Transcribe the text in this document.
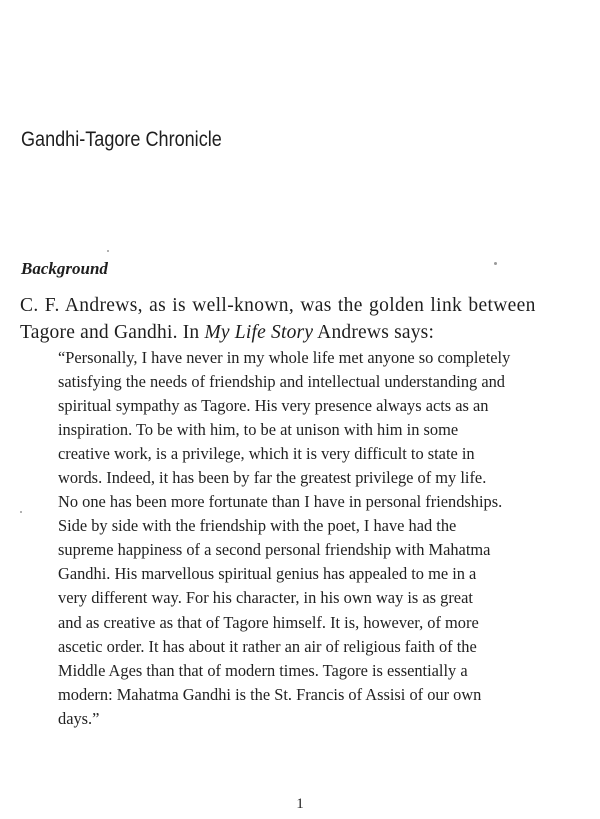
Gandhi-Tagore Chronicle
Background
C. F. Andrews, as is well-known, was the golden link between
Tagore and Gandhi. In My Life Story Andrews says:
“Personally, I have never in my whole life met anyone so completely
satisfying the needs of friendship and intellectual understanding and
spiritual sympathy as Tagore. His very presence always acts as an
inspiration. To be with him, to be at unison with him in some
creative work, is a privilege, which it is very difficult to state in
words. Indeed, it has been by far the greatest privilege of my life.
No one has been more fortunate than I have in personal friendships.
Side by side with the friendship with the poet, I have had the
supreme happiness of a second personal friendship with Mahatma
Gandhi. His marvellous spiritual genius has appealed to me in a
very different way. For his character, in his own way is as great
and as creative as that of Tagore himself. It is, however, of more
ascetic order. It has about it rather an air of religious faith of the
Middle Ages than that of modern times. Tagore is essentially a
modern: Mahatma Gandhi is the St. Francis of Assisi of our own
days.”
1
